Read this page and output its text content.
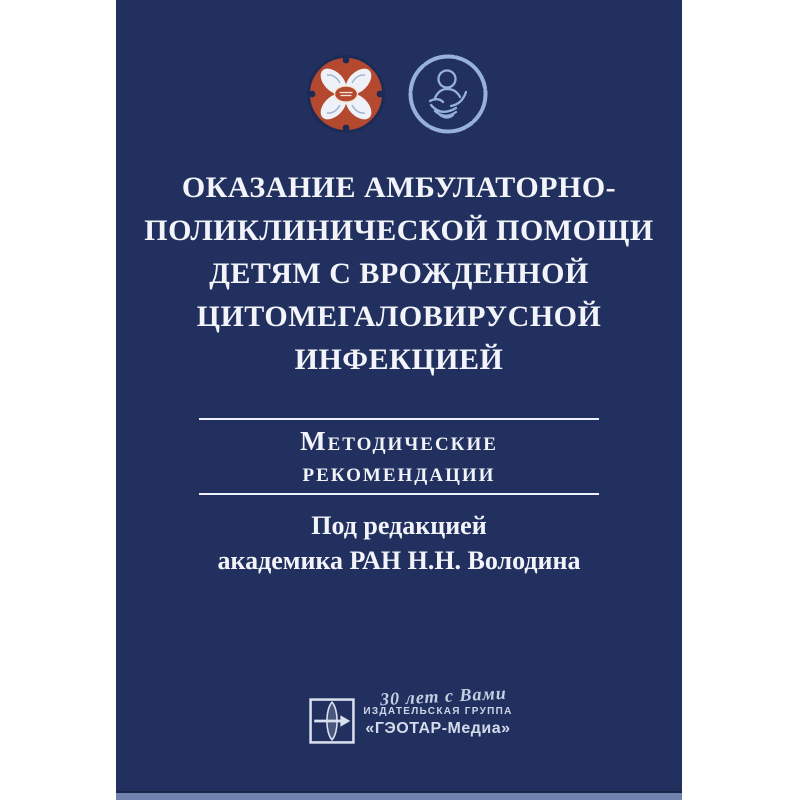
ОКАЗАНИЕ АМБУЛАТОРНО-
ПОЛИКЛИНИЧЕСКОЙ ПОМОЩИ
ДЕТЯМ С ВРОЖДЕННОЙ
ЦИТОМЕГАЛОВИРУСНОЙ
ИНФЕКЦИЕЙ
Методические рекомендации
Под редакцией
академика РАН Н.Н. Володина
30 лет с Вами
ИЗДАТЕЛЬСКАЯ ГРУППА
«ГЭОТАР-Медиа»
